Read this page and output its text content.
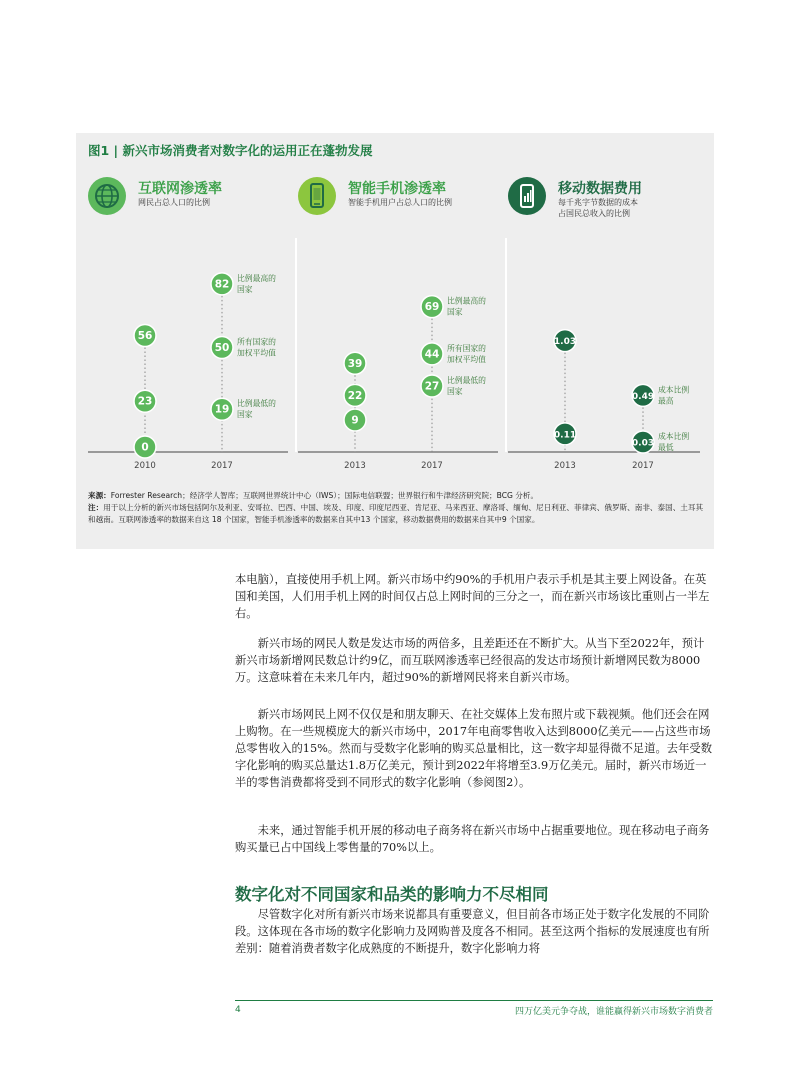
图1 | 新兴市场消费者对数字化的运用正在蓬勃发展
互联网渗透率
网民占总人口的比例
智能手机渗透率
智能手机用户占总人口的比例
移动数据费用
每千兆字节数据的成本
占国民总收入的比例
2010
56
23
0
2017
82
50
19
比例最高的
国家
所有国家的
加权平均值
比例最低的
国家
2013
39
22
9
2017
69
44
27
比例最高的
国家
所有国家的
加权平均值
比例最低的
国家
2013
1.03
0.11
2017
0.49
0.03
成本比例
最高
成本比例
最低
来源：Forrester Research；经济学人智库；互联网世界统计中心（IWS）；国际电信联盟；世界银行和牛津经济研究院；BCG 分析。
注：用于以上分析的新兴市场包括阿尔及利亚、安哥拉、巴西、中国、埃及、印度、印度尼西亚、肯尼亚、马来西亚、摩洛哥、缅甸、尼日利亚、菲律宾、俄罗斯、南非、泰国、土耳其和越南。互联网渗透率的数据来自这 18 个国家，智能手机渗透率的数据来自其中13 个国家，移动数据费用的数据来自其中9 个国家。

本电脑），直接使用手机上网。新兴市场中约90%的手机用户表示手机是其主要上网设备。在英国和美国，人们用手机上网的时间仅占总上网时间的三分之一，而在新兴市场该比重则占一半左右。

新兴市场的网民人数是发达市场的两倍多，且差距还在不断扩大。从当下至2022年，预计新兴市场新增网民数总计约9亿，而互联网渗透率已经很高的发达市场预计新增网民数为8000万。这意味着在未来几年内，超过90%的新增网民将来自新兴市场。

新兴市场网民上网不仅仅是和朋友聊天、在社交媒体上发布照片或下载视频。他们还会在网上购物。在一些规模庞大的新兴市场中，2017年电商零售收入达到8000亿美元——占这些市场总零售收入的15%。然而与受数字化影响的购买总量相比，这一数字却显得微不足道。去年受数字化影响的购买总量达1.8万亿美元，预计到2022年将增至3.9万亿美元。届时，新兴市场近一半的零售消费都将受到不同形式的数字化影响（参阅图2）。

未来，通过智能手机开展的移动电子商务将在新兴市场中占据重要地位。现在移动电子商务购买量已占中国线上零售量的70%以上。

数字化对不同国家和品类的影响力不尽相同

尽管数字化对所有新兴市场来说都具有重要意义，但目前各市场正处于数字化发展的不同阶段。这体现在各市场的数字化影响力及网购普及度各不相同。甚至这两个指标的发展速度也有所差别：随着消费者数字化成熟度的不断提升，数字化影响力将

4	四万亿美元争夺战，谁能赢得新兴市场数字消费者
